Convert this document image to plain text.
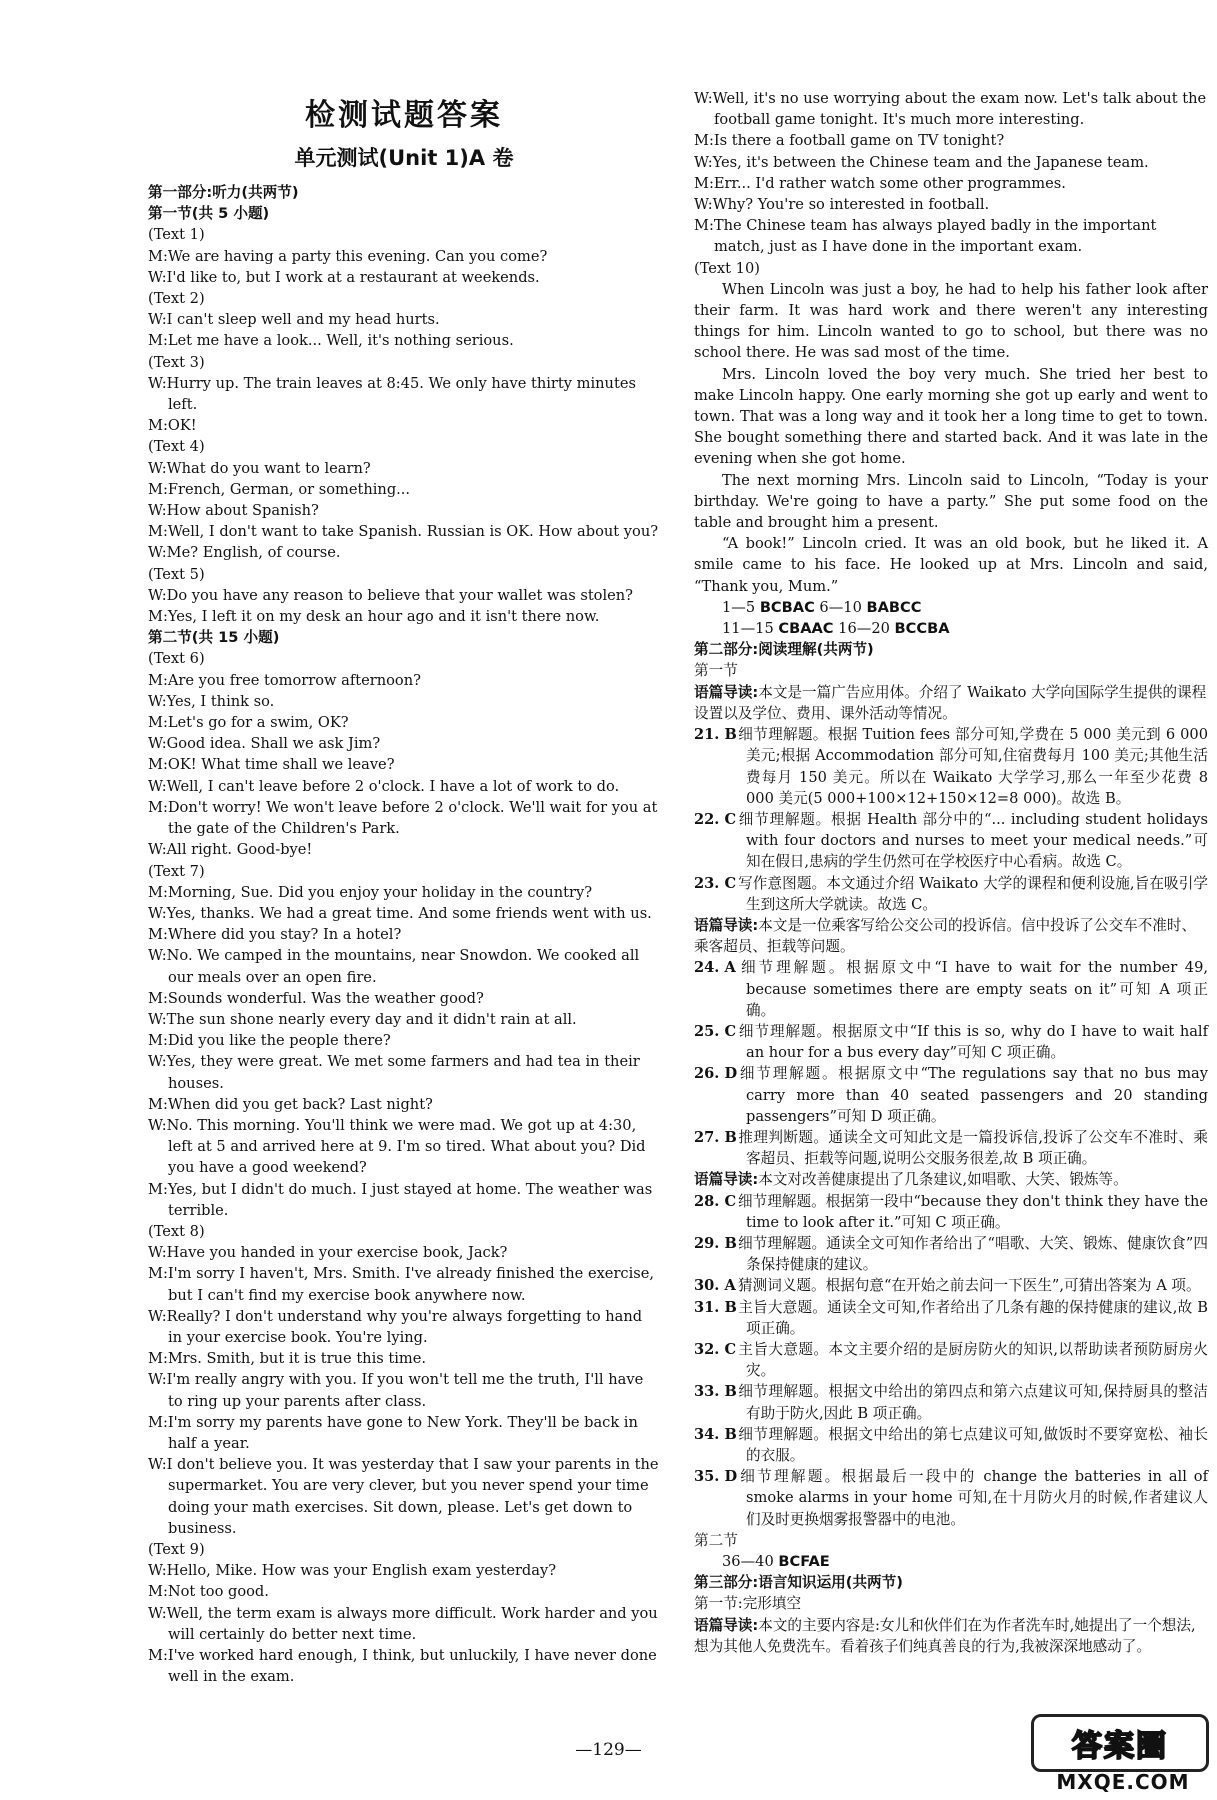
检测试题答案
单元测试(Unit 1)A 卷
第一部分:听力(共两节)
第一节(共 5 小题)
(Text 1)
M:We are having a party this evening. Can you come?
W:I'd like to, but I work at a restaurant at weekends.
(Text 2)
W:I can't sleep well and my head hurts.
M:Let me have a look... Well, it's nothing serious.
(Text 3)
W:Hurry up. The train leaves at 8:45. We only have thirty minutes left.
M:OK!
(Text 4)
W:What do you want to learn?
M:French, German, or something...
W:How about Spanish?
M:Well, I don't want to take Spanish. Russian is OK. How about you?
W:Me? English, of course.
(Text 5)
W:Do you have any reason to believe that your wallet was stolen?
M:Yes, I left it on my desk an hour ago and it isn't there now.
第二节(共 15 小题)
(Text 6)
M:Are you free tomorrow afternoon?
W:Yes, I think so.
M:Let's go for a swim, OK?
W:Good idea. Shall we ask Jim?
M:OK! What time shall we leave?
W:Well, I can't leave before 2 o'clock. I have a lot of work to do.
M:Don't worry! We won't leave before 2 o'clock. We'll wait for you at the gate of the Children's Park.
W:All right. Good-bye!
(Text 7)
M:Morning, Sue. Did you enjoy your holiday in the country?
W:Yes, thanks. We had a great time. And some friends went with us.
M:Where did you stay? In a hotel?
W:No. We camped in the mountains, near Snowdon. We cooked all our meals over an open fire.
M:Sounds wonderful. Was the weather good?
W:The sun shone nearly every day and it didn't rain at all.
M:Did you like the people there?
W:Yes, they were great. We met some farmers and had tea in their houses.
M:When did you get back? Last night?
W:No. This morning. You'll think we were mad. We got up at 4:30, left at 5 and arrived here at 9. I'm so tired. What about you? Did you have a good weekend?
M:Yes, but I didn't do much. I just stayed at home. The weather was terrible.
(Text 8)
W:Have you handed in your exercise book, Jack?
M:I'm sorry I haven't, Mrs. Smith. I've already finished the exercise, but I can't find my exercise book anywhere now.
W:Really? I don't understand why you're always forgetting to hand in your exercise book. You're lying.
M:Mrs. Smith, but it is true this time.
W:I'm really angry with you. If you won't tell me the truth, I'll have to ring up your parents after class.
M:I'm sorry my parents have gone to New York. They'll be back in half a year.
W:I don't believe you. It was yesterday that I saw your parents in the supermarket. You are very clever, but you never spend your time doing your math exercises. Sit down, please. Let's get down to business.
(Text 9)
W:Hello, Mike. How was your English exam yesterday?
M:Not too good.
W:Well, the term exam is always more difficult. Work harder and you will certainly do better next time.
M:I've worked hard enough, I think, but unluckily, I have never done well in the exam.
W:Well, it's no use worrying about the exam now. Let's talk about the football game tonight. It's much more interesting.
M:Is there a football game on TV tonight?
W:Yes, it's between the Chinese team and the Japanese team.
M:Err... I'd rather watch some other programmes.
W:Why? You're so interested in football.
M:The Chinese team has always played badly in the important match, just as I have done in the important exam.
(Text 10)
When Lincoln was just a boy, he had to help his father look after their farm. It was hard work and there weren't any interesting things for him. Lincoln wanted to go to school, but there was no school there. He was sad most of the time.
Mrs. Lincoln loved the boy very much. She tried her best to make Lincoln happy. One early morning she got up early and went to town. That was a long way and it took her a long time to get to town. She bought something there and started back. And it was late in the evening when she got home.
The next morning Mrs. Lincoln said to Lincoln, “Today is your birthday. We're going to have a party.” She put some food on the table and brought him a present.
“A book!” Lincoln cried. It was an old book, but he liked it. A smile came to his face. He looked up at Mrs. Lincoln and said, “Thank you, Mum.”
1—5 BCBAC 6—10 BABCC
11—15 CBAAC 16—20 BCCBA
第二部分:阅读理解(共两节)
第一节
语篇导读:本文是一篇广告应用体。介绍了 Waikato 大学向国际学生提供的课程设置以及学位、费用、课外活动等情况。
21. B细节理解题。根据 Tuition fees 部分可知,学费在 5 000 美元到 6 000 美元;根据 Accommodation 部分可知,住宿费每月 100 美元;其他生活费每月 150 美元。所以在 Waikato 大学学习,那么一年至少花费 8 000 美元(5 000+100×12+150×12=8 000)。故选 B。
22. C 细节理解题。根据 Health 部分中的“... including student holidays with four doctors and nurses to meet your medical needs.”可知在假日,患病的学生仍然可在学校医疗中心看病。故选 C。
23. C 写作意图题。本文通过介绍 Waikato 大学的课程和便利设施,旨在吸引学生到这所大学就读。故选 C。
语篇导读:本文是一位乘客写给公交公司的投诉信。信中投诉了公交车不准时、乘客超员、拒载等问题。
24. A 细节理解题。根据原文中“I have to wait for the number 49, because sometimes there are empty seats on it”可知 A 项正确。
25. C 细节理解题。根据原文中“If this is so, why do I have to wait half an hour for a bus every day”可知 C 项正确。
26. D细节理解题。根据原文中“The regulations say that no bus may carry more than 40 seated passengers and 20 standing passengers”可知 D 项正确。
27. B推理判断题。通读全文可知此文是一篇投诉信,投诉了公交车不准时、乘客超员、拒载等问题,说明公交服务很差,故 B 项正确。
语篇导读:本文对改善健康提出了几条建议,如唱歌、大笑、锻炼等。
28. C 细节理解题。根据第一段中“because they don't think they have the time to look after it.”可知 C 项正确。
29. B细节理解题。通读全文可知作者给出了“唱歌、大笑、锻炼、健康饮食”四条保持健康的建议。
30. A 猜测词义题。根据句意“在开始之前去问一下医生”,可猜出答案为 A 项。
31. B主旨大意题。通读全文可知,作者给出了几条有趣的保持健康的建议,故 B 项正确。
32. C 主旨大意题。本文主要介绍的是厨房防火的知识,以帮助读者预防厨房火灾。
33. B细节理解题。根据文中给出的第四点和第六点建议可知,保持厨具的整洁有助于防火,因此 B 项正确。
34. B细节理解题。根据文中给出的第七点建议可知,做饭时不要穿宽松、袖长的衣服。
35. D细节理解题。根据最后一段中的 change the batteries in all of smoke alarms in your home 可知,在十月防火月的时候,作者建议人们及时更换烟雾报警器中的电池。
第二节
36—40 BCFAE
第三部分:语言知识运用(共两节)
第一节:完形填空
语篇导读:本文的主要内容是:女儿和伙伴们在为作者洗车时,她提出了一个想法,想为其他人免费洗车。看着孩子们纯真善良的行为,我被深深地感动了。
—129—	答案圈
MXQE.COM
